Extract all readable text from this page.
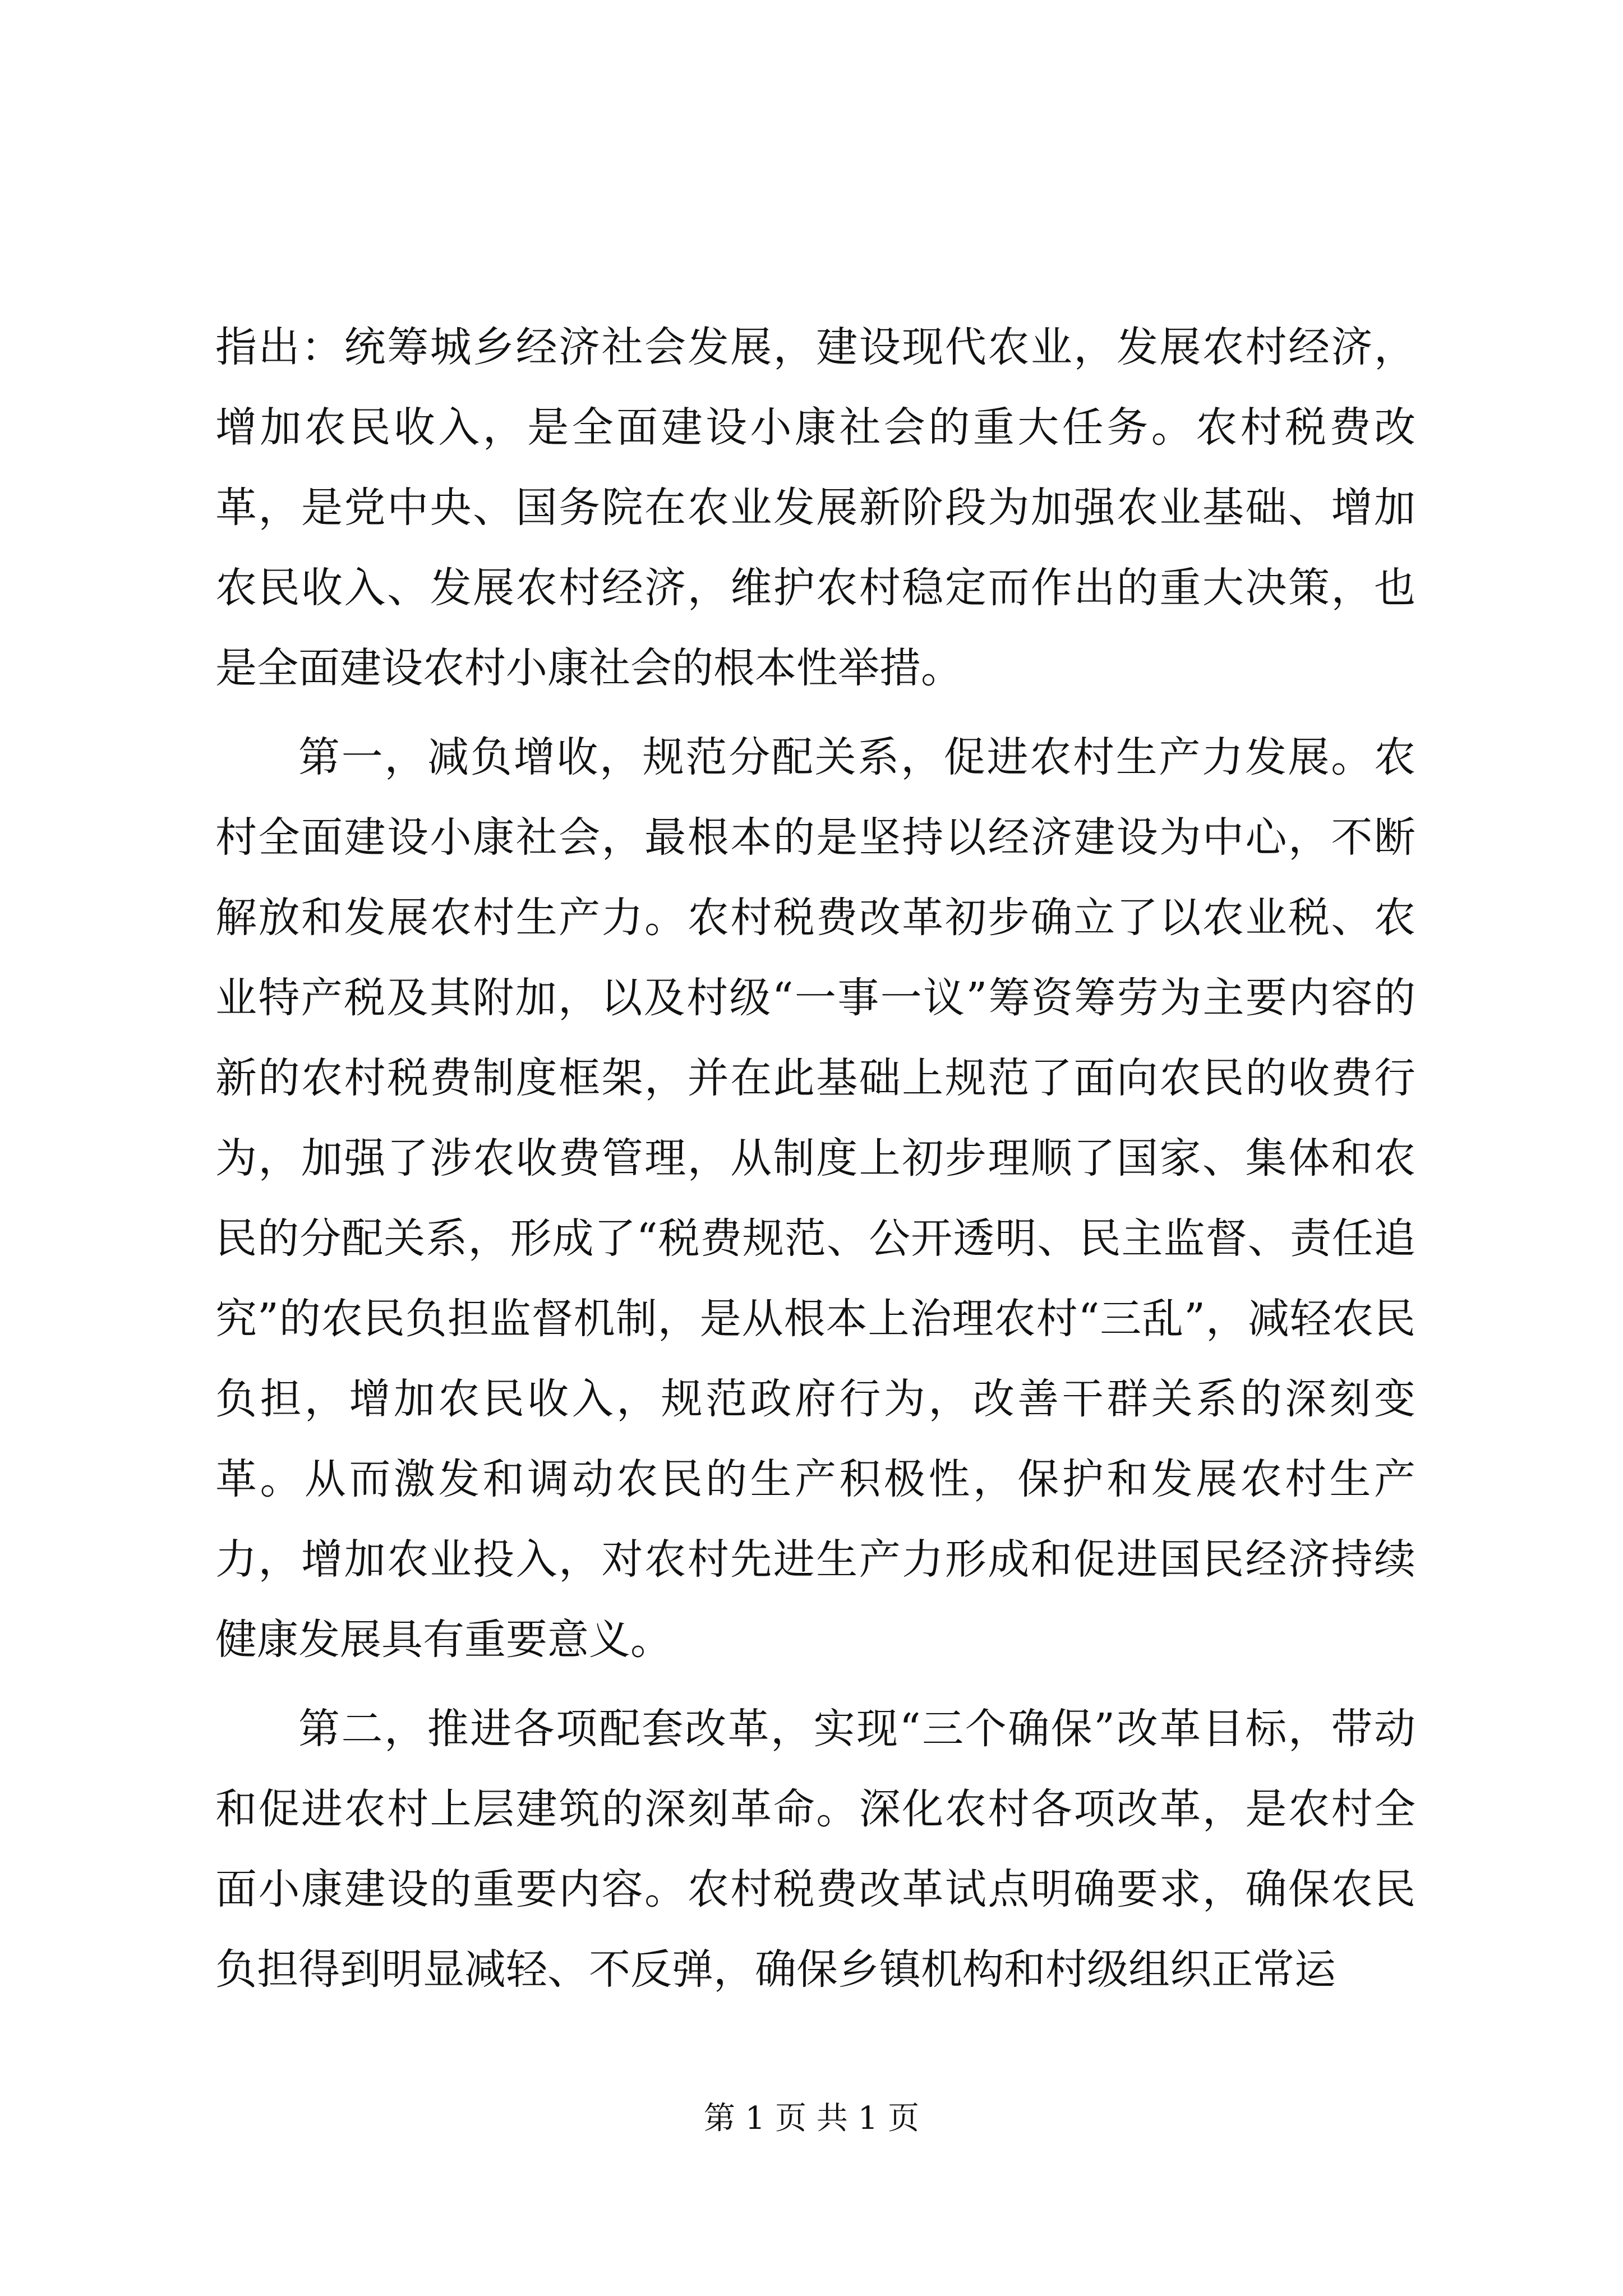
指出：统筹城乡经济社会发展，建设现代农业，发展农村经济，增加农民收入，是全面建设小康社会的重大任务。农村税费改革，是党中央、国务院在农业发展新阶段为加强农业基础、增加农民收入、发展农村经济，维护农村稳定而作出的重大决策，也是全面建设农村小康社会的根本性举措。

第一，减负增收，规范分配关系，促进农村生产力发展。农村全面建设小康社会，最根本的是坚持以经济建设为中心，不断解放和发展农村生产力。农村税费改革初步确立了以农业税、农业特产税及其附加，以及村级“一事一议”筹资筹劳为主要内容的新的农村税费制度框架，并在此基础上规范了面向农民的收费行为，加强了涉农收费管理，从制度上初步理顺了国家、集体和农民的分配关系，形成了“税费规范、公开透明、民主监督、责任追究”的农民负担监督机制，是从根本上治理农村“三乱”，减轻农民负担，增加农民收入，规范政府行为，改善干群关系的深刻变革。从而激发和调动农民的生产积极性，保护和发展农村生产力，增加农业投入，对农村先进生产力形成和促进国民经济持续健康发展具有重要意义。

第二，推进各项配套改革，实现“三个确保”改革目标，带动和促进农村上层建筑的深刻革命。深化农村各项改革，是农村全面小康建设的重要内容。农村税费改革试点明确要求，确保农民负担得到明显减轻、不反弹，确保乡镇机构和村级组织正常运

第 1 页 共 1 页
